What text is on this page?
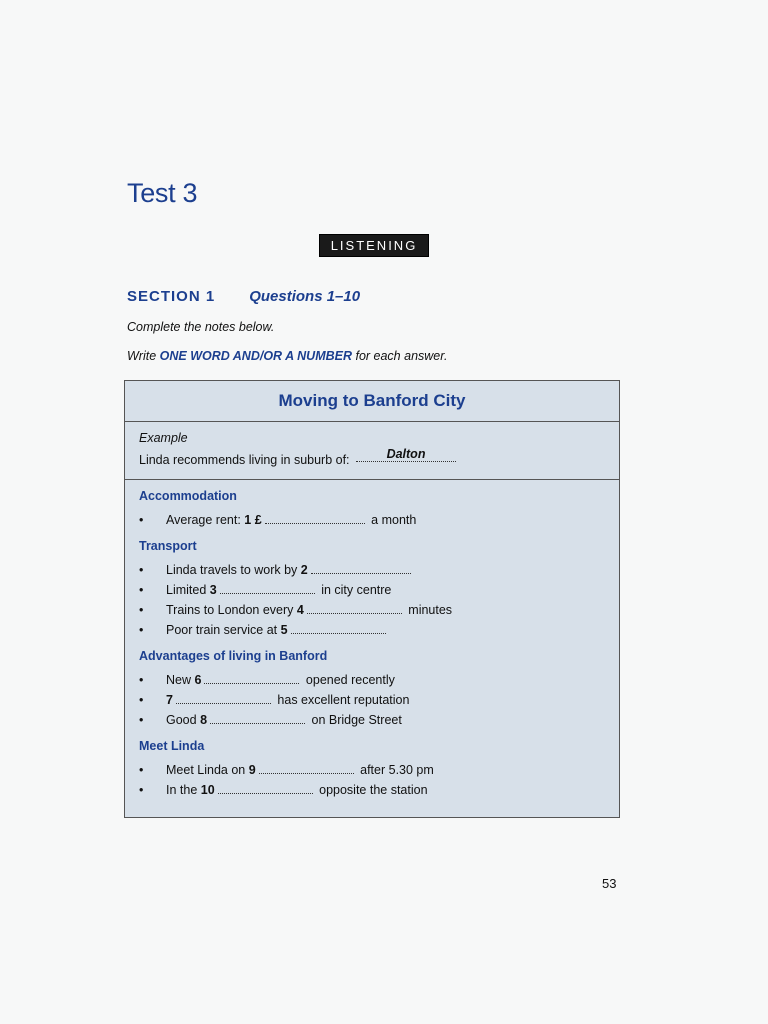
Test 3
LISTENING
SECTION 1 Questions 1–10
Complete the notes below.
Write ONE WORD AND/OR A NUMBER for each answer.
Moving to Banford City
Example
Linda recommends living in suburb of:	Dalton
Accommodation
• Average rent: 1 £	a month
Transport
• Linda travels to work by 2
• Limited 3	in city centre
• Trains to London every 4	minutes
• Poor train service at 5
Advantages of living in Banford
• New 6	opened recently
• 7	has excellent reputation
• Good 8	on Bridge Street
Meet Linda
• Meet Linda on 9	after 5.30 pm
• In the 10	opposite the station
53
